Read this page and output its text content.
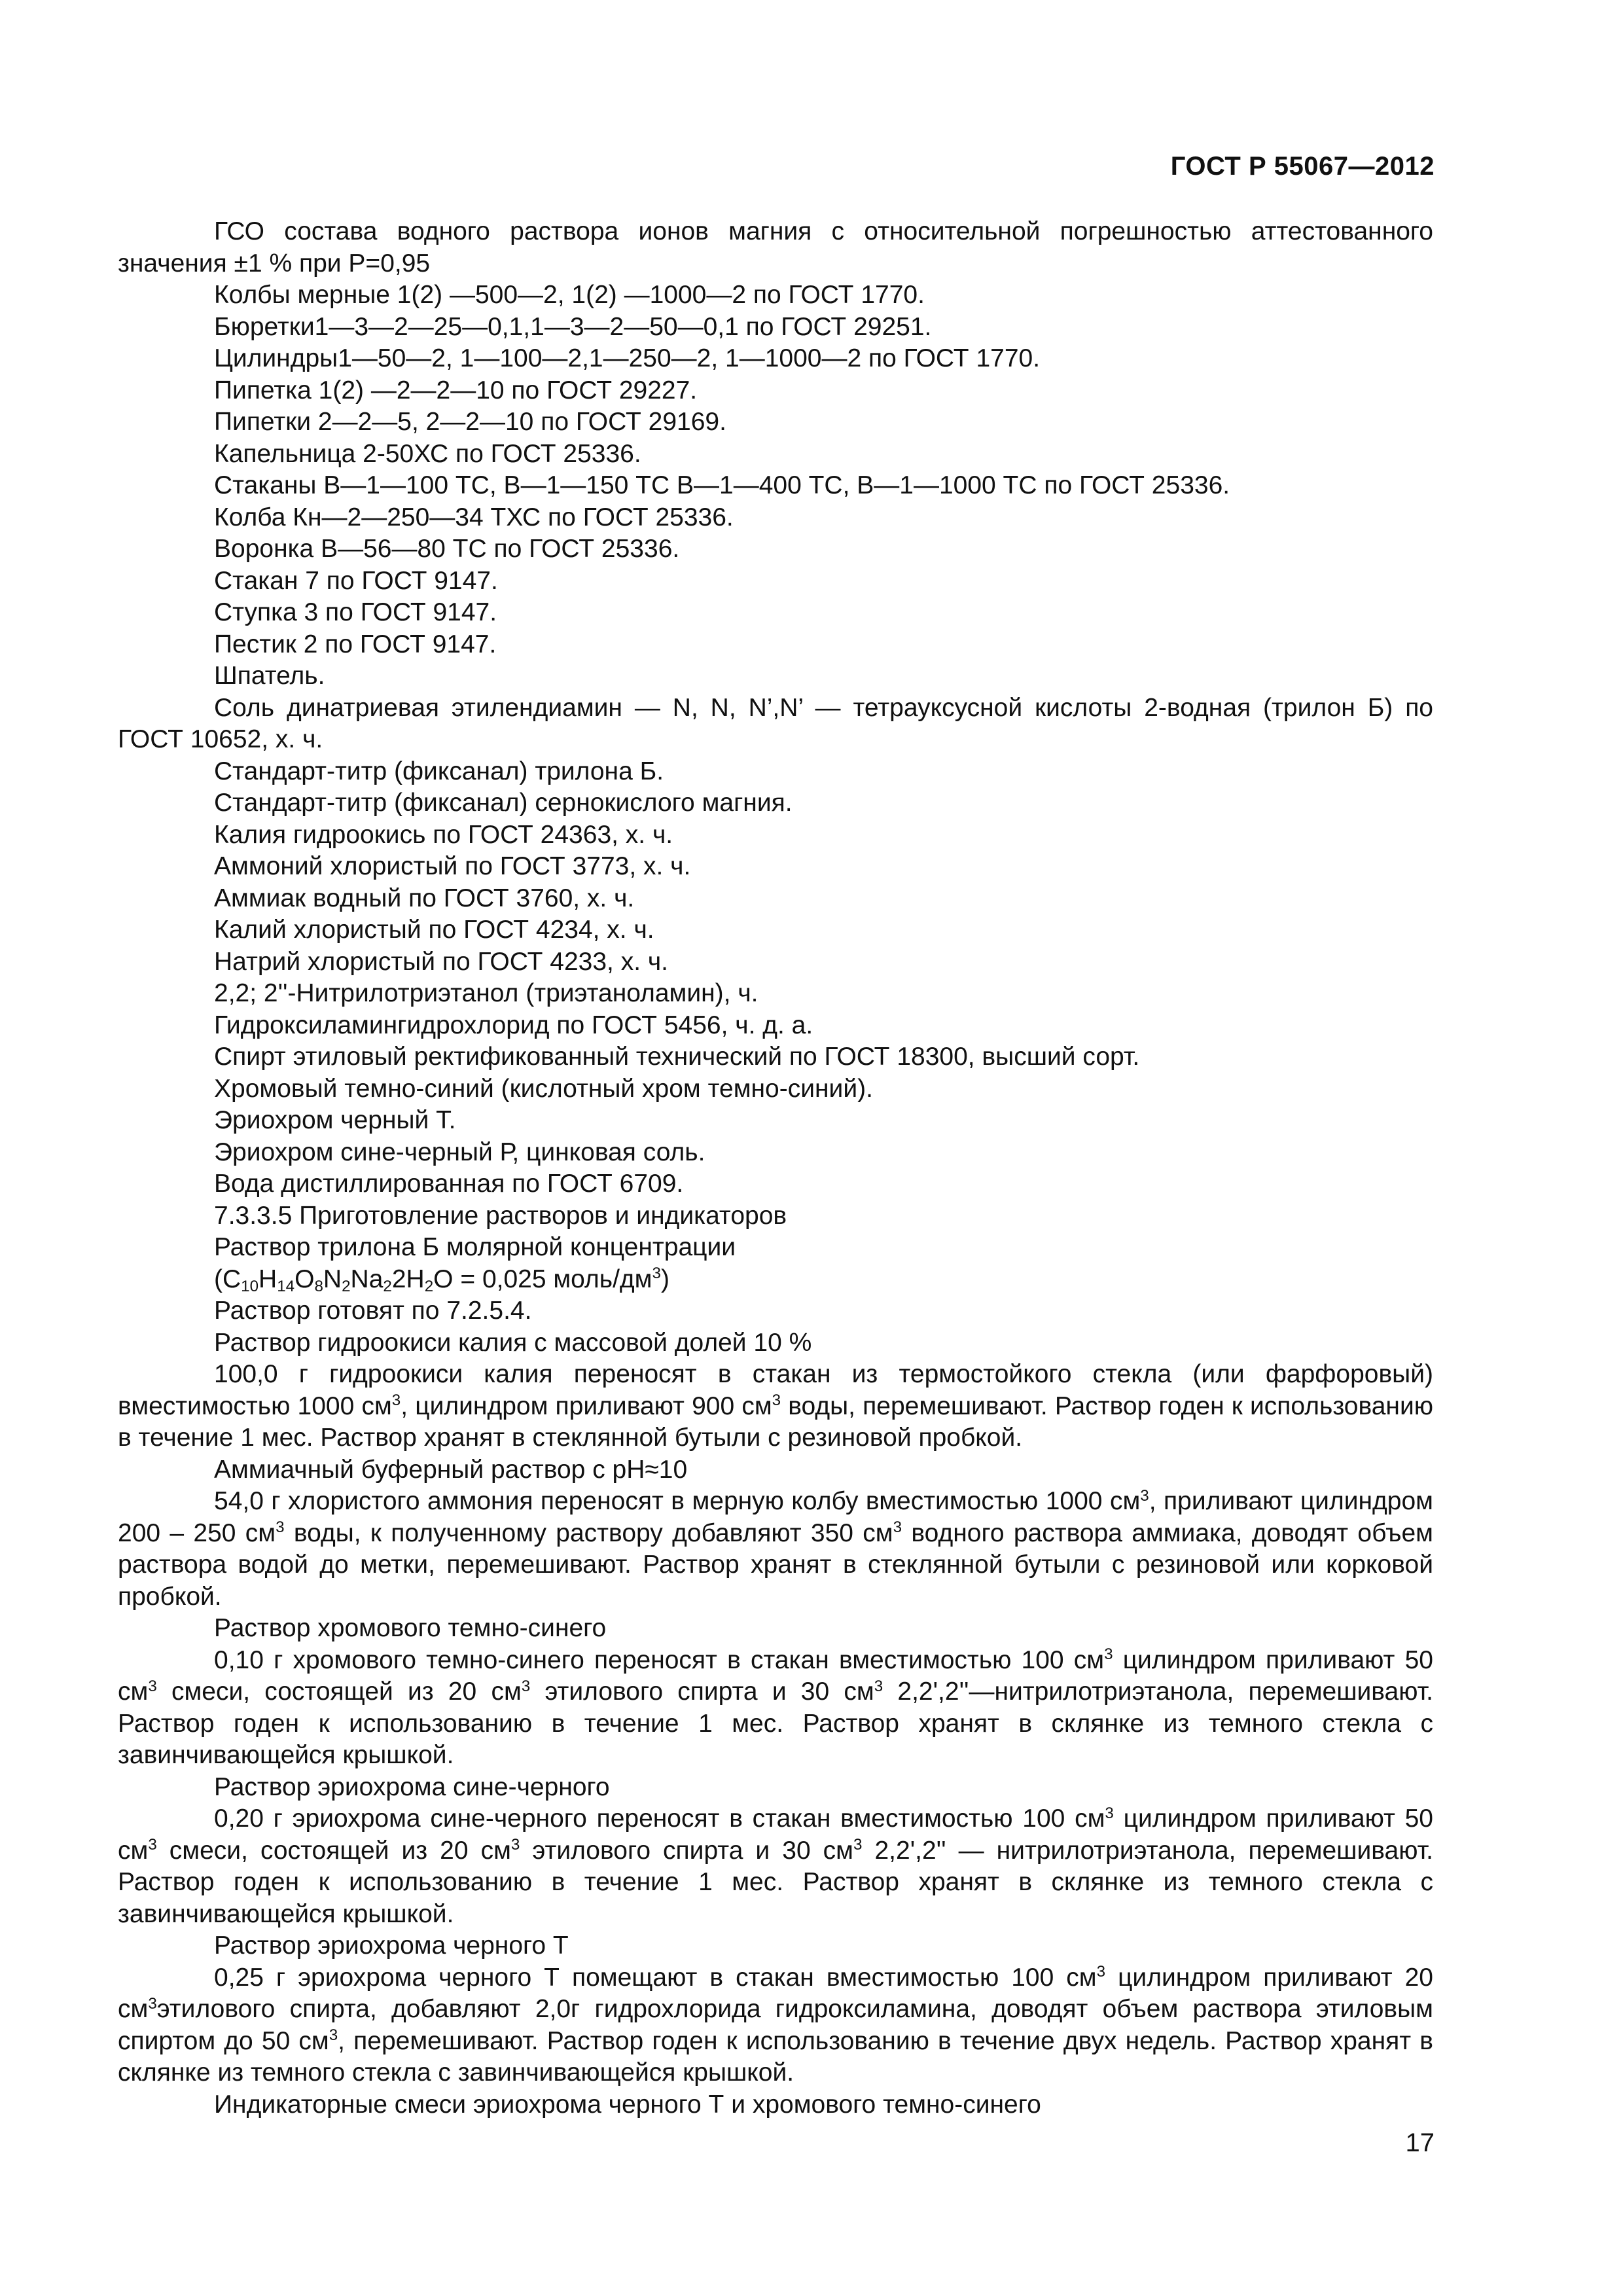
ГОСТ Р 55067—2012

ГСО состава водного раствора ионов магния с относительной погрешностью аттестованного значения ±1 % при Р=0,95

Колбы мерные 1(2) —500—2, 1(2) —1000—2 по ГОСТ 1770.

Бюретки1—3—2—25—0,1,1—3—2—50—0,1 по ГОСТ 29251.

Цилиндры1—50—2, 1—100—2,1—250—2, 1—1000—2 по ГОСТ 1770.

Пипетка 1(2) —2—2—10 по ГОСТ 29227.

Пипетки 2—2—5, 2—2—10 по ГОСТ 29169.

Капельница 2-50ХС по ГОСТ 25336.

Стаканы В—1—100 ТС, В—1—150 ТС В—1—400 ТС, В—1—1000 ТС по ГОСТ 25336.

Колба Кн—2—250—34 ТХС по ГОСТ 25336.

Воронка В—56—80 ТС по ГОСТ 25336.

Стакан 7 по ГОСТ 9147.

Ступка 3 по ГОСТ 9147.

Пестик 2 по ГОСТ 9147.

Шпатель.

Соль динатриевая этилендиамин — N, N, N’,N’ — тетрауксусной кислоты 2-водная (трилон Б) по ГОСТ 10652, х. ч.

Стандарт-титр (фиксанал) трилона Б.

Стандарт-титр (фиксанал) сернокислого магния.

Калия гидроокись по ГОСТ 24363, х. ч.

Аммоний хлористый по ГОСТ 3773, х. ч.

Аммиак водный по ГОСТ 3760, х. ч.

Калий хлористый по ГОСТ 4234, х. ч.

Натрий хлористый по ГОСТ 4233, х. ч.

2,2; 2''-Нитрилотриэтанол (триэтаноламин), ч.

Гидроксиламингидрохлорид по ГОСТ 5456, ч. д. а.

Спирт этиловый ректификованный технический по ГОСТ 18300, высший сорт.

Хромовый темно-синий (кислотный хром темно-синий).

Эриохром черный Т.

Эриохром сине-черный Р, цинковая соль.

Вода дистиллированная по ГОСТ 6709.

7.3.3.5 Приготовление растворов и индикаторов

Раствор трилона Б молярной концентрации

(С10Н14О8N2Na22Н2О = 0,025 моль/$дм^3$)

Раствор готовят по 7.2.5.4.

Раствор гидроокиси калия с массовой долей 10 %

100,0 г гидроокиси калия переносят в стакан из термостойкого стекла (или фарфоровый) вместимостью 1000 $см^3$, цилиндром приливают 900 $см^3$ воды, перемешивают. Раствор годен к использованию в течение 1 мес. Раствор хранят в стеклянной бутыли с резиновой пробкой.

Аммиачный буферный раствор с рН≈10

54,0 г хлористого аммония переносят в мерную колбу вместимостью 1000 $см^3$, приливают цилиндром 200 – 250 $см^3$ воды, к полученному раствору добавляют 350 $см^3$ водного раствора аммиака, доводят объем раствора водой до метки, перемешивают. Раствор хранят в стеклянной бутыли с резиновой или корковой пробкой.

Раствор хромового темно-синего

0,10 г хромового темно-синего переносят в стакан вместимостью 100 $см^3$ цилиндром приливают 50 $см^3$ смеси, состоящей из 20 $см^3$ этилового спирта и 30 $см^3$ 2,2',2''—нитрилотриэтанола, перемешивают. Раствор годен к использованию в течение 1 мес. Раствор хранят в склянке из темного стекла с завинчивающейся крышкой.

Раствор эриохрома сине-черного

0,20 г эриохрома сине-черного переносят в стакан вместимостью 100 $см^3$ цилиндром приливают 50 $см^3$ смеси, состоящей из 20 $см^3$ этилового спирта и 30 $см^3$ 2,2',2'' — нитрилотриэтанола, перемешивают. Раствор годен к использованию в течение 1 мес. Раствор хранят в склянке из темного стекла с завинчивающейся крышкой.

Раствор эриохрома черного Т

0,25 г эриохрома черного Т помещают в стакан вместимостью 100 $см^3$ цилиндром приливают 20 $см^3этилового$ спирта, добавляют 2,0г гидрохлорида гидроксиламина, доводят объем раствора этиловым спиртом до 50 $см^3$, перемешивают. Раствор годен к использованию в течение двух недель. Раствор хранят в склянке из темного стекла с завинчивающейся крышкой.

Индикаторные смеси эриохрома черного Т и хромового темно-синего

17
